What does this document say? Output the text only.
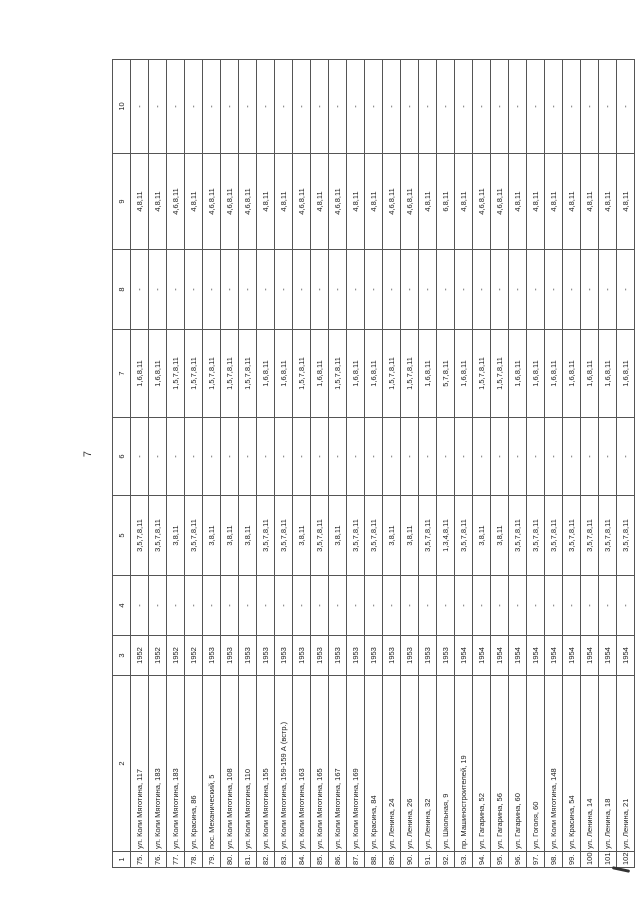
7
1	2	3	4	5	6	7	8	9	10
75.	ул. Коли Мяготина, 117	1952	-	3,5,7,8,11	-	1,6,8,11	-	4,8,11	-
76.	ул. Коли Мяготина, 183	1952	-	3,5,7,8,11	-	1,6,8,11	-	4,8,11	-
77.	ул. Коли Мяготина, 183	1952	-	3,8,11	-	1,5,7,8,11	-	4,6,8,11	-
78.	ул. Красина, 86	1952	-	3,5,7,8,11	-	1,5,7,8,11	-	4,8,11	-
79.	пос. Механический, 5	1953	-	3,8,11	-	1,5,7,8,11	-	4,6,8,11	-
80.	ул. Коли Мяготина, 108	1953	-	3,8,11	-	1,5,7,8,11	-	4,6,8,11	-
81.	ул. Коли Мяготина, 110	1953	-	3,8,11	-	1,5,7,8,11	-	4,6,8,11	-
82.	ул. Коли Мяготина, 155	1953	-	3,5,7,8,11	-	1,6,8,11	-	4,8,11	-
83.	ул. Коли Мяготина, 159-159 А (встр.)	1953	-	3,5,7,8,11	-	1,6,8,11	-	4,8,11	-
84.	ул. Коли Мяготина, 163	1953	-	3,8,11	-	1,5,7,8,11	-	4,6,8,11	-
85.	ул. Коли Мяготина, 165	1953	-	3,5,7,8,11	-	1,6,8,11	-	4,8,11	-
86.	ул. Коли Мяготина, 167	1953	-	3,8,11	-	1,5,7,8,11	-	4,6,8,11	-
87.	ул. Коли Мяготина, 169	1953	-	3,5,7,8,11	-	1,6,8,11	-	4,8,11	-
88.	ул. Красина, 84	1953	-	3,5,7,8,11	-	1,6,8,11	-	4,8,11	-
89.	ул. Ленина, 24	1953	-	3,8,11	-	1,5,7,8,11	-	4,6,8,11	-
90.	ул. Ленина, 26	1953	-	3,8,11	-	1,5,7,8,11	-	4,6,8,11	-
91.	ул. Ленина, 32	1953	-	3,5,7,8,11	-	1,6,8,11	-	4,8,11	-
92.	ул. Школьная, 9	1953	-	1,3,4,8,11	-	5,7,8,11	-	6,8,11	-
93.	пр. Машиностроителей, 19	1954	-	3,5,7,8,11	-	1,6,8,11	-	4,8,11	-
94.	ул. Гагарина, 52	1954	-	3,8,11	-	1,5,7,8,11	-	4,6,8,11	-
95.	ул. Гагарина, 56	1954	-	3,8,11	-	1,5,7,8,11	-	4,6,8,11	-
96.	ул. Гагарина, 60	1954	-	3,5,7,8,11	-	1,6,8,11	-	4,8,11	-
97.	ул. Гоголя, 60	1954	-	3,5,7,8,11	-	1,6,8,11	-	4,8,11	-
98.	ул. Коли Мяготина, 148	1954	-	3,5,7,8,11	-	1,6,8,11	-	4,8,11	-
99.	ул. Красина, 54	1954	-	3,5,7,8,11	-	1,6,8,11	-	4,8,11	-
100.	ул. Ленина, 14	1954	-	3,5,7,8,11	-	1,6,8,11	-	4,8,11	-
101.	ул. Ленина, 18	1954	-	3,5,7,8,11	-	1,6,8,11	-	4,8,11	-
102.	ул. Ленина, 21	1954	-	3,5,7,8,11	-	1,6,8,11	-	4,8,11	-
